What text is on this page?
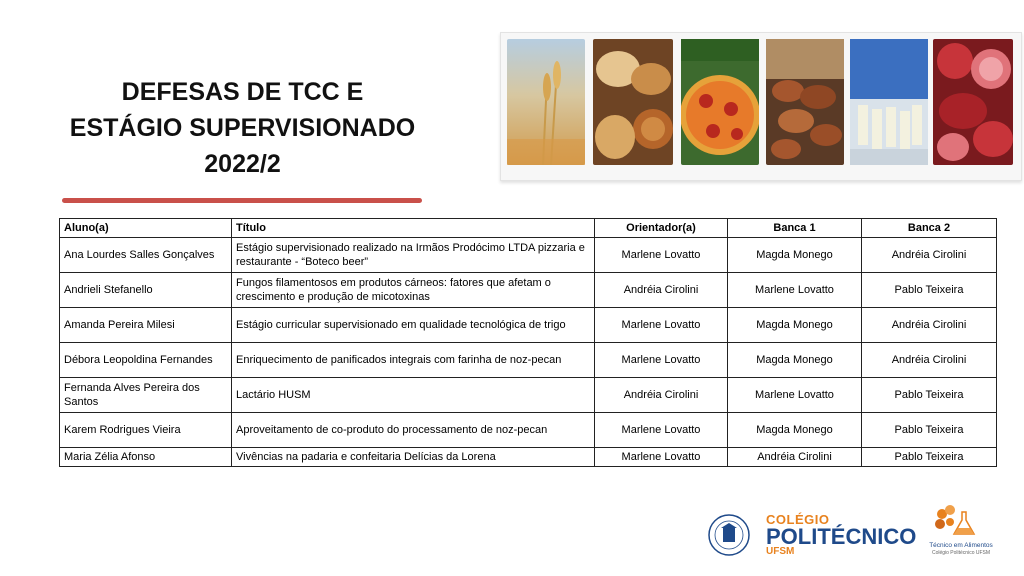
DEFESAS DE TCC E
ESTÁGIO SUPERVISIONADO
2022/2
Aluno(a)	Título	Orientador(a)	Banca 1	Banca 2
Ana Lourdes Salles Gonçalves	Estágio supervisionado realizado na Irmãos Prodócimo LTDA pizzaria e restaurante - “Boteco beer”	Marlene Lovatto	Magda Monego	Andréia Cirolini
Andrieli Stefanello	Fungos filamentosos em produtos cárneos: fatores que afetam o crescimento e produção de micotoxinas	Andréia Cirolini	Marlene Lovatto	Pablo Teixeira
Amanda Pereira Milesi	Estágio curricular supervisionado em qualidade tecnológica de trigo	Marlene Lovatto	Magda Monego	Andréia Cirolini
Débora Leopoldina Fernandes	Enriquecimento de panificados integrais com farinha de noz-pecan	Marlene Lovatto	Magda Monego	Andréia Cirolini
Fernanda Alves Pereira dos Santos	Lactário HUSM	Andréia Cirolini	Marlene Lovatto	Pablo Teixeira
Karem Rodrigues Vieira	Aproveitamento de co-produto do processamento de noz-pecan	Marlene Lovatto	Magda Monego	Pablo Teixeira
Maria Zélia Afonso	Vivências na padaria e confeitaria Delícias da Lorena	Marlene Lovatto	Andréia Cirolini	Pablo Teixeira
COLÉGIO
POLITÉCNICO
UFSM
Técnico em Alimentos
Colégio Politécnico UFSM
